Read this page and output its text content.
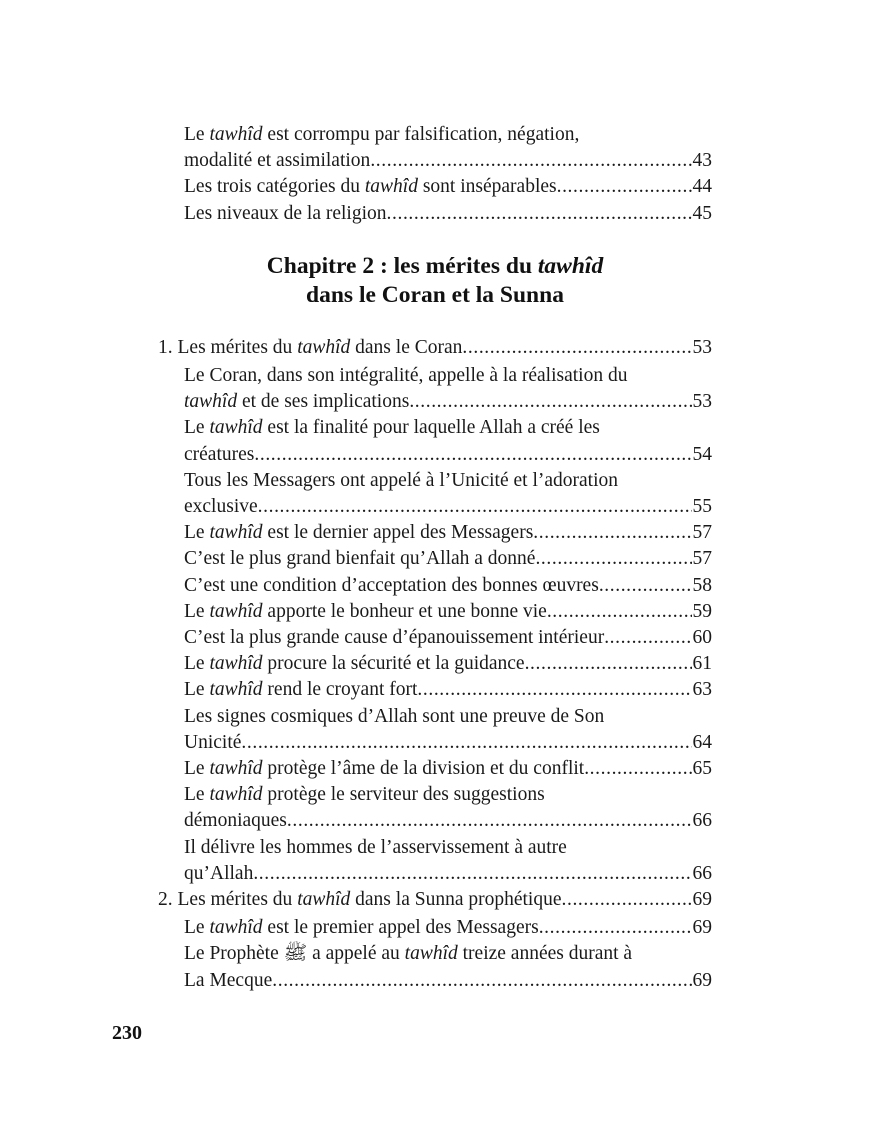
Le tawhîd est corrompu par falsification, négation,
modalité et assimilation .....	43
Les trois catégories du tawhîd sont inséparables .....	44
Les niveaux de la religion .....	45
Chapitre 2 : les mérites du tawhîd
dans le Coran et la Sunna
1. Les mérites du tawhîd dans le Coran .....	53
Le Coran, dans son intégralité, appelle à la réalisation du
tawhîd et de ses implications .....	53
Le tawhîd est la finalité pour laquelle Allah a créé les
créatures .....	54
Tous les Messagers ont appelé à l’Unicité et l’adoration
exclusive .....	55
Le tawhîd est le dernier appel des Messagers .....	57
C’est le plus grand bienfait qu’Allah a donné .....	57
C’est une condition d’acceptation des bonnes œuvres .....	58
Le tawhîd apporte le bonheur et une bonne vie .....	59
C’est la plus grande cause d’épanouissement intérieur .....	60
Le tawhîd procure la sécurité et la guidance .....	61
Le tawhîd rend le croyant fort .....	63
Les signes cosmiques d’Allah sont une preuve de Son
Unicité .....	64
Le tawhîd protège l’âme de la division et du conflit .....	65
Le tawhîd protège le serviteur des suggestions
démoniaques .....	66
Il délivre les hommes de l’asservissement à autre
qu’Allah .....	66
2. Les mérites du tawhîd dans la Sunna prophétique .....	69
Le tawhîd est le premier appel des Messagers .....	69
Le Prophète ﷺ a appelé au tawhîd treize années durant à
La Mecque .....	69
230
